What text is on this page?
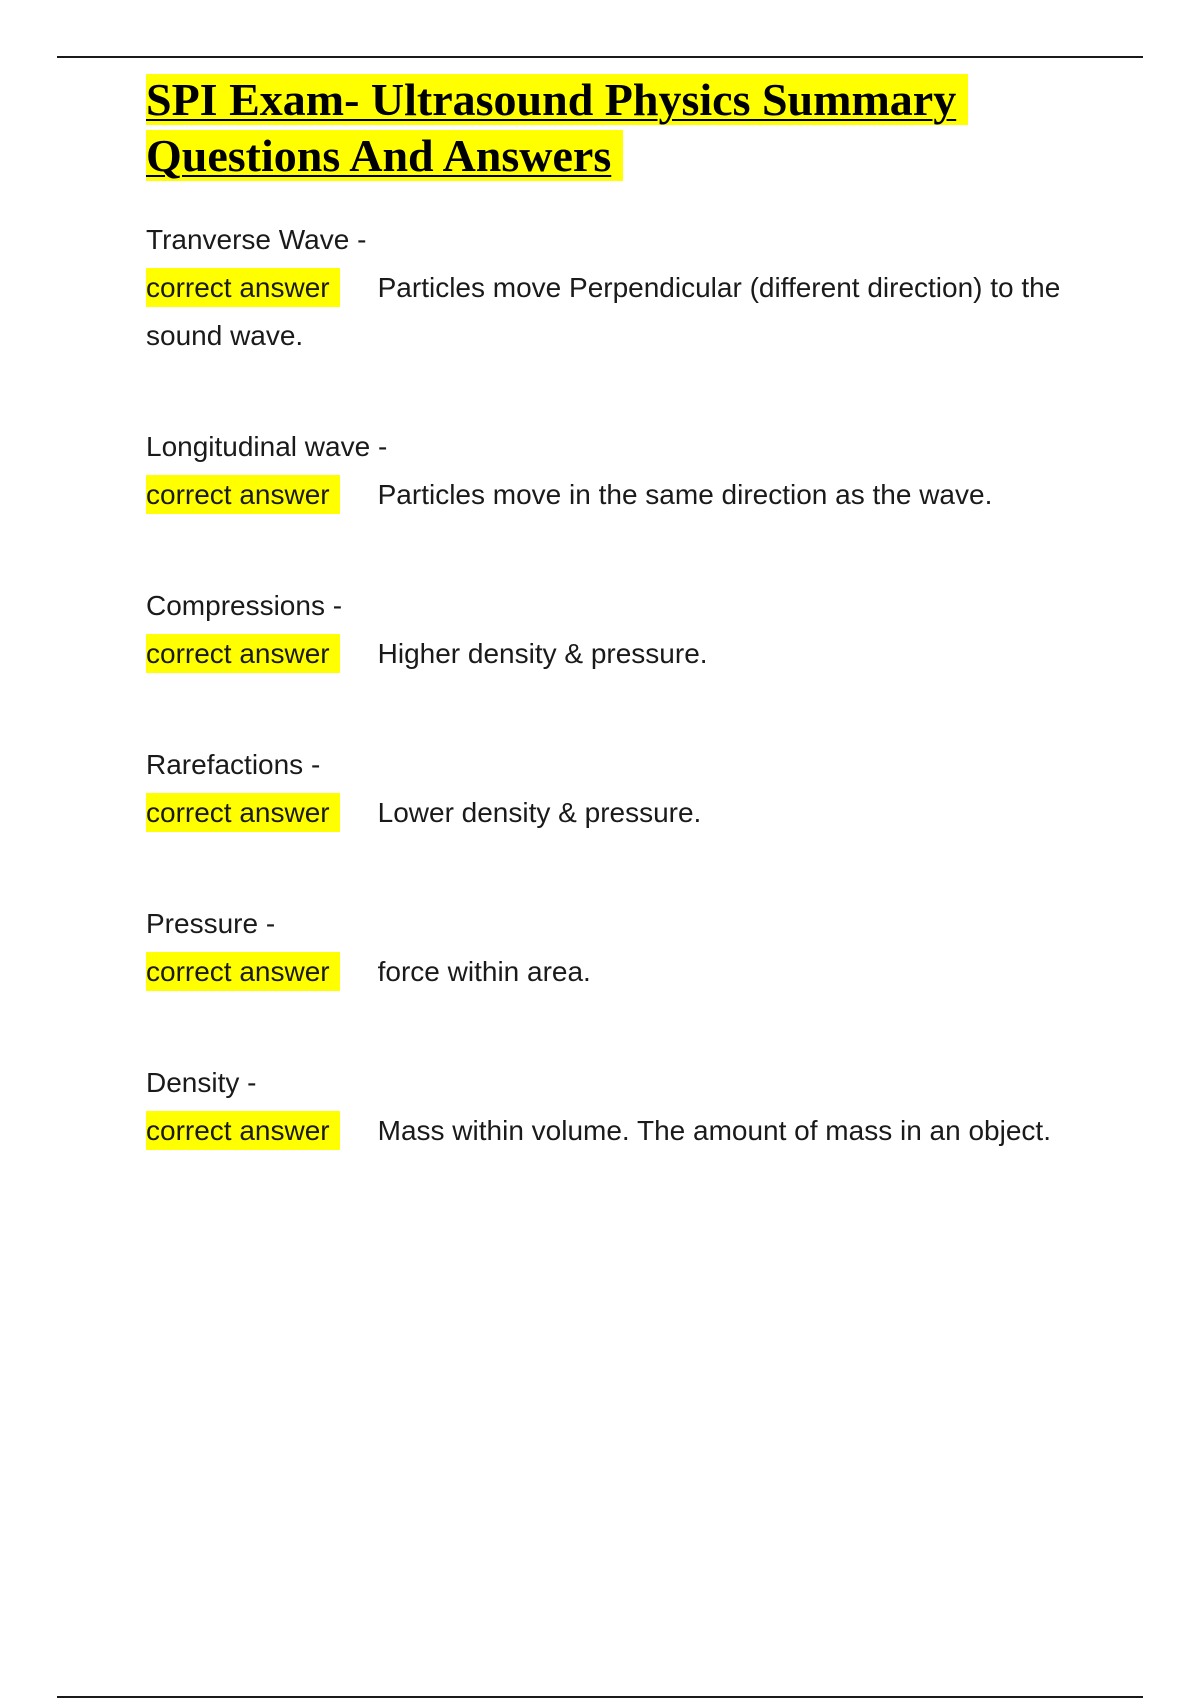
SPI Exam- Ultrasound Physics Summary Questions And Answers
Tranverse Wave -
correct answer Particles move Perpendicular (different direction) to the sound wave.
Longitudinal wave -
correct answer Particles move in the same direction as the wave.
Compressions -
correct answer Higher density & pressure.
Rarefactions -
correct answer Lower density & pressure.
Pressure -
correct answer force within area.
Density -
correct answer Mass within volume. The amount of mass in an object.
